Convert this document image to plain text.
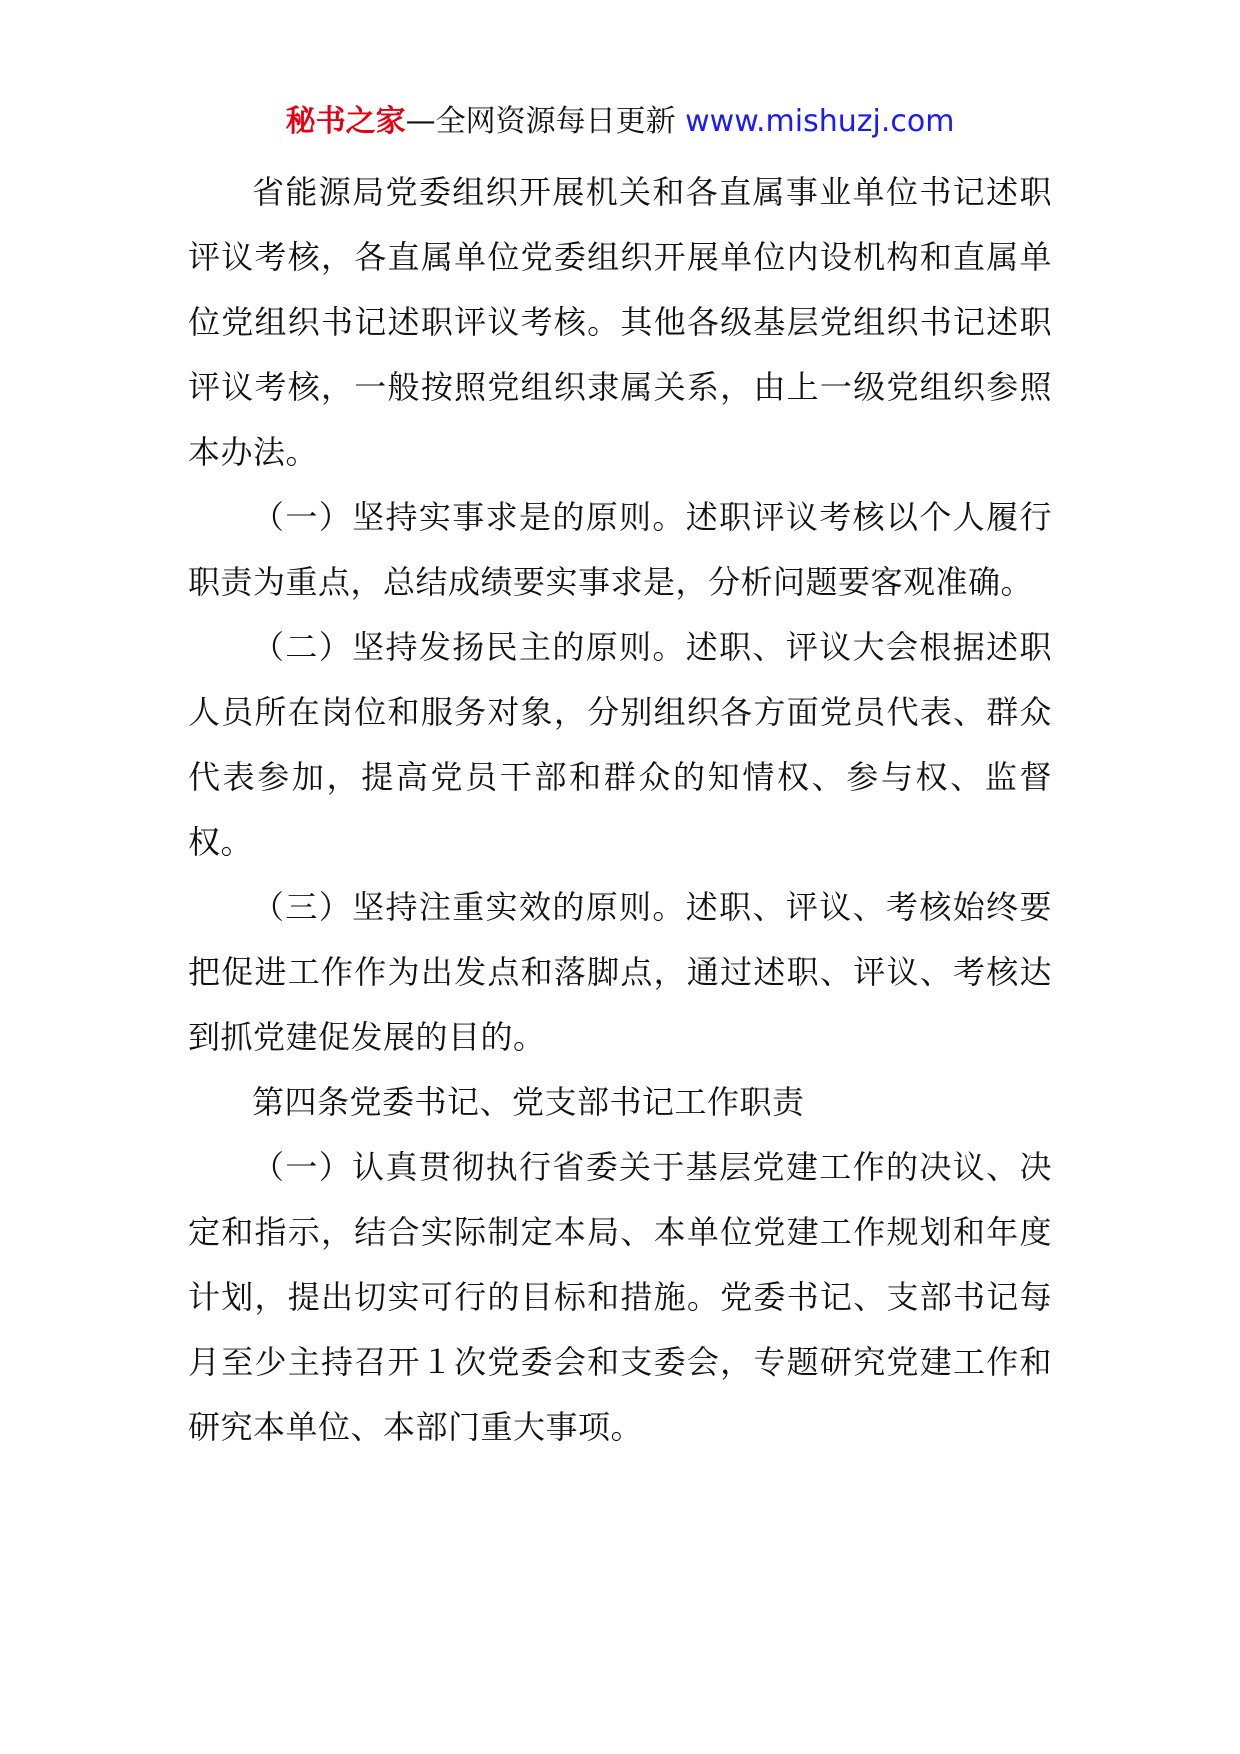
秘书之家—全网资源每日更新 www.mishuzj.com

省能源局党委组织开展机关和各直属事业单位书记述职评议考核，各直属单位党委组织开展单位内设机构和直属单位党组织书记述职评议考核。其他各级基层党组织书记述职评议考核，一般按照党组织隶属关系，由上一级党组织参照本办法。

（一）坚持实事求是的原则。述职评议考核以个人履行职责为重点，总结成绩要实事求是，分析问题要客观准确。

（二）坚持发扬民主的原则。述职、评议大会根据述职人员所在岗位和服务对象，分别组织各方面党员代表、群众代表参加，提高党员干部和群众的知情权、参与权、监督权。

（三）坚持注重实效的原则。述职、评议、考核始终要把促进工作作为出发点和落脚点，通过述职、评议、考核达到抓党建促发展的目的。

第四条党委书记、党支部书记工作职责

（一）认真贯彻执行省委关于基层党建工作的决议、决定和指示，结合实际制定本局、本单位党建工作规划和年度计划，提出切实可行的目标和措施。党委书记、支部书记每月至少主持召开１次党委会和支委会，专题研究党建工作和研究本单位、本部门重大事项。
